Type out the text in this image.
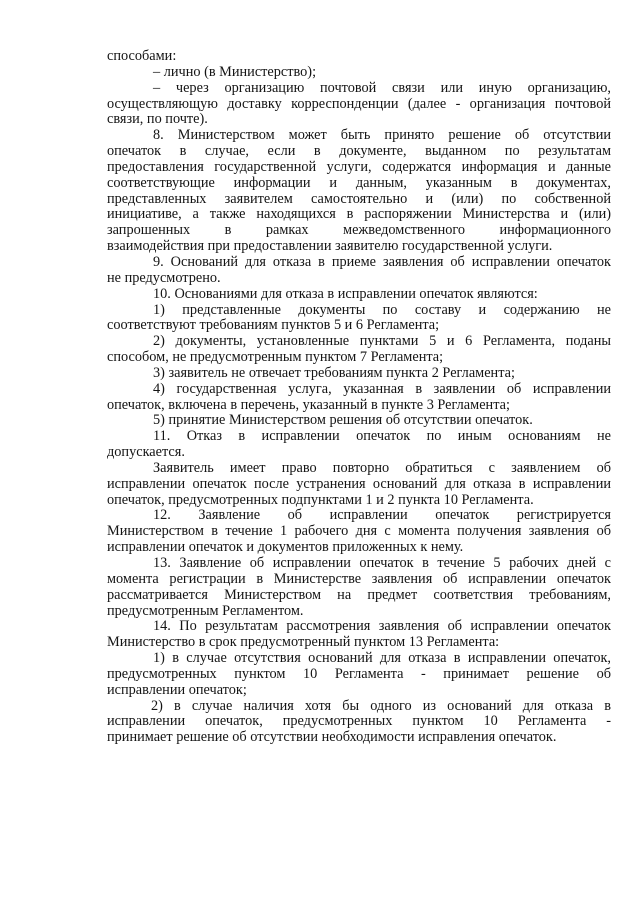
способами:
– лично (в Министерство);
– через организацию почтовой связи или иную организацию,
осуществляющую доставку корреспонденции (далее - организация почтовой
связи, по почте).
8. Министерством может быть принято решение об отсутствии
опечаток в случае, если в документе, выданном по результатам
предоставления государственной услуги, содержатся информация и данные
соответствующие информации и данным, указанным в документах,
представленных заявителем самостоятельно и (или) по собственной
инициативе, а также находящихся в распоряжении Министерства и (или)
запрошенных в рамках межведомственного информационного
взаимодействия при предоставлении заявителю государственной услуги.
9. Оснований для отказа в приеме заявления об исправлении опечаток
не предусмотрено.
10. Основаниями для отказа в исправлении опечаток являются:
1) представленные документы по составу и содержанию не
соответствуют требованиям пунктов 5 и 6 Регламента;
2) документы, установленные пунктами 5 и 6 Регламента, поданы
способом, не предусмотренным пунктом 7 Регламента;
3) заявитель не отвечает требованиям пункта 2 Регламента;
4) государственная услуга, указанная в заявлении об исправлении
опечаток, включена в перечень, указанный в пункте 3 Регламента;
5) принятие Министерством решения об отсутствии опечаток.
11. Отказ в исправлении опечаток по иным основаниям не
допускается.
Заявитель имеет право повторно обратиться с заявлением об
исправлении опечаток после устранения оснований для отказа в исправлении
опечаток, предусмотренных подпунктами 1 и 2 пункта 10 Регламента.
12. Заявление об исправлении опечаток регистрируется
Министерством в течение 1 рабочего дня с момента получения заявления об
исправлении опечаток и документов приложенных к нему.
13. Заявление об исправлении опечаток в течение 5 рабочих дней с
момента регистрации в Министерстве заявления об исправлении опечаток
рассматривается Министерством на предмет соответствия требованиям,
предусмотренным Регламентом.
14. По результатам рассмотрения заявления об исправлении опечаток
Министерство в срок предусмотренный пунктом 13 Регламента:
1) в случае отсутствия оснований для отказа в исправлении опечаток,
предусмотренных пунктом 10 Регламента - принимает решение об
исправлении опечаток;
2) в случае наличия хотя бы одного из оснований для отказа в
исправлении опечаток, предусмотренных пунктом 10 Регламента -
принимает решение об отсутствии необходимости исправления опечаток.
